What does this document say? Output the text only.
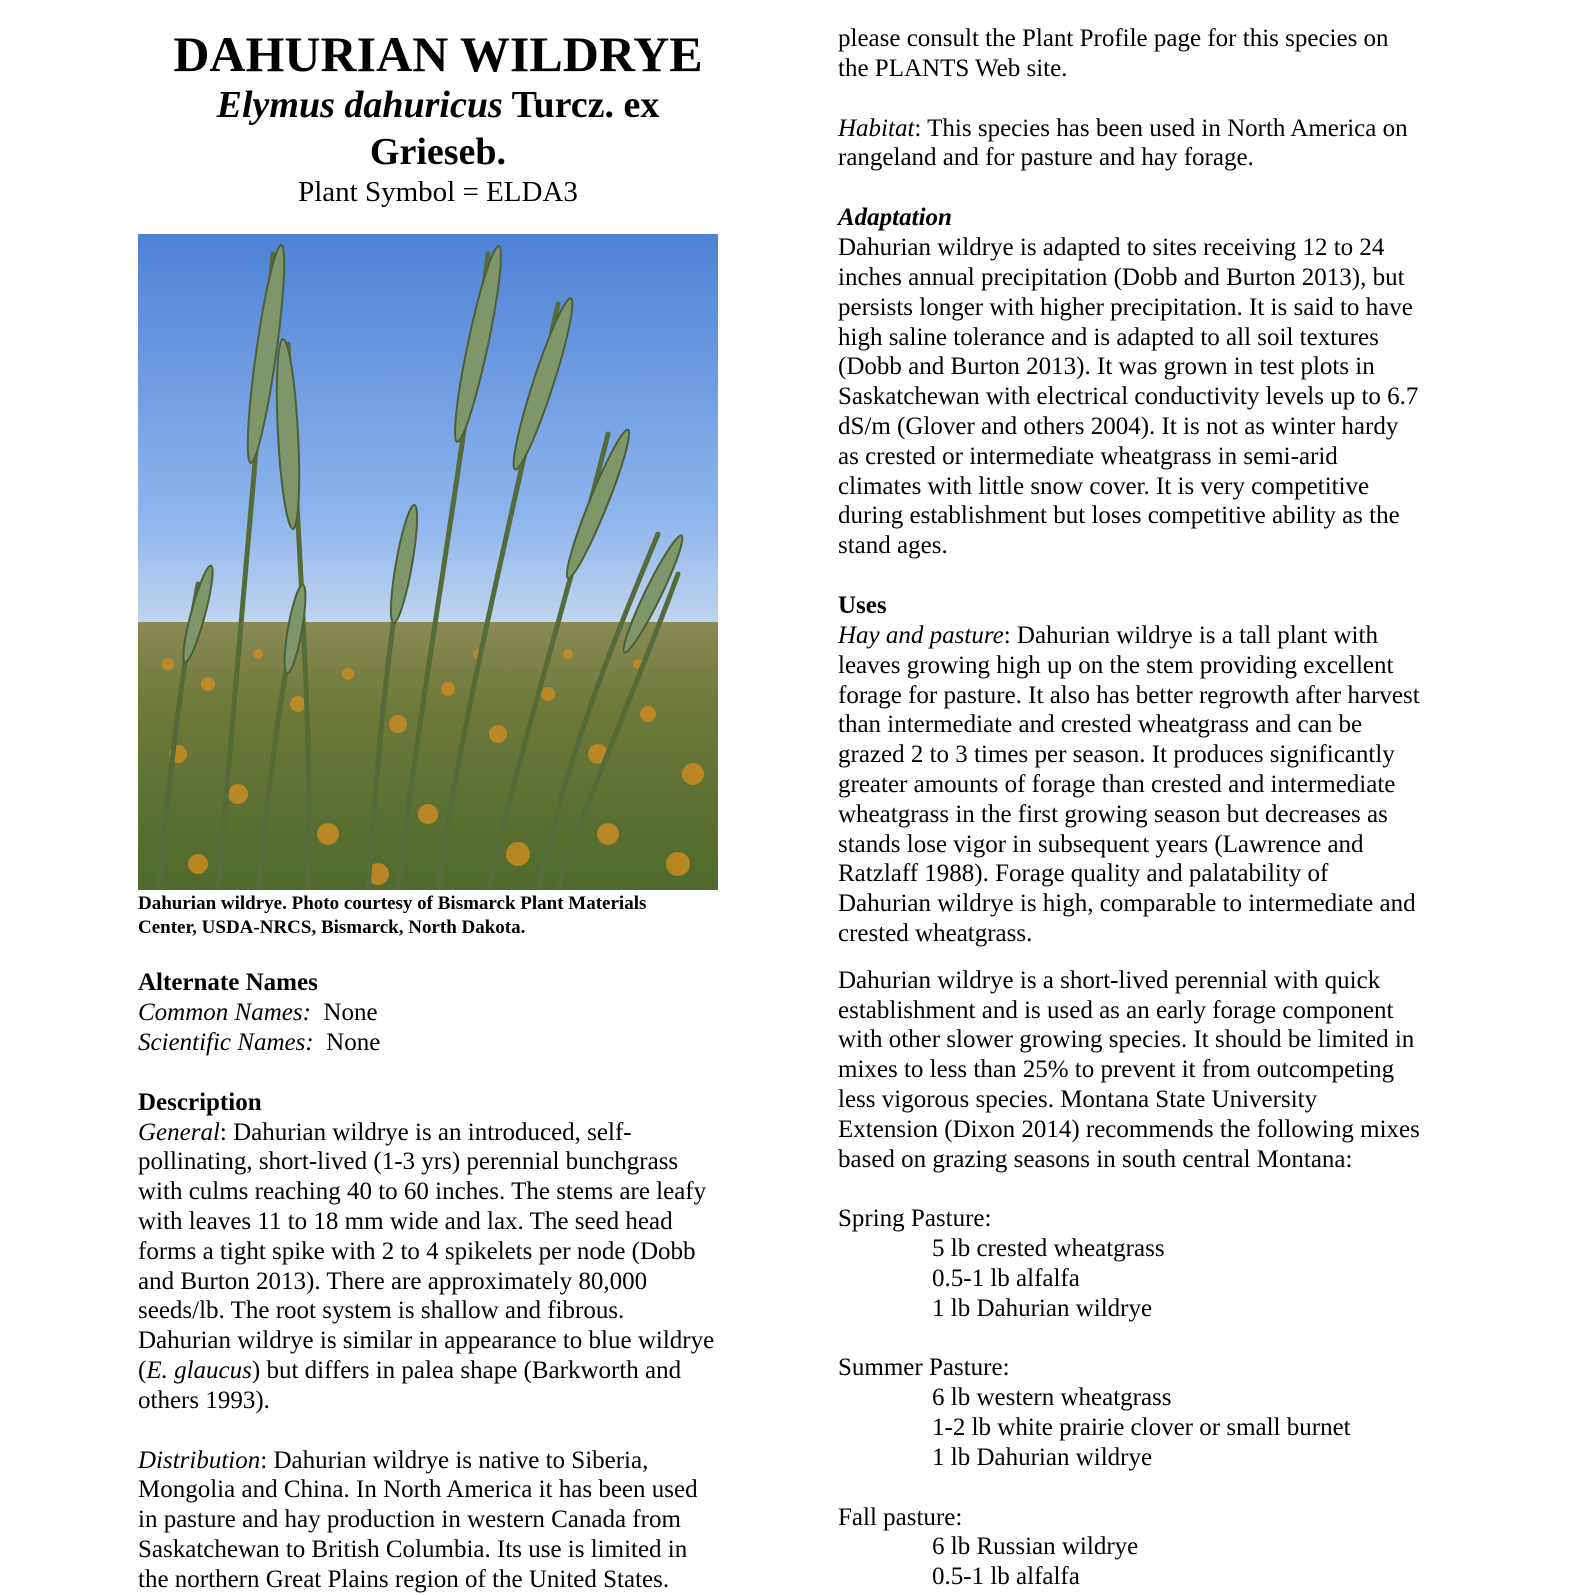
DAHURIAN WILDRYE
Elymus dahuricus Turcz. ex
Grieseb.
Plant Symbol = ELDA3
Dahurian wildrye. Photo courtesy of Bismarck Plant Materials
Center, USDA-NRCS, Bismarck, North Dakota.
Alternate Names
Common Names:  None
Scientific Names:  None
Description
General: Dahurian wildrye is an introduced, self-
pollinating, short-lived (1-3 yrs) perennial bunchgrass
with culms reaching 40 to 60 inches. The stems are leafy
with leaves 11 to 18 mm wide and lax. The seed head
forms a tight spike with 2 to 4 spikelets per node (Dobb
and Burton 2013). There are approximately 80,000
seeds/lb. The root system is shallow and fibrous.
Dahurian wildrye is similar in appearance to blue wildrye
(E. glaucus) but differs in palea shape (Barkworth and
others 1993).
Distribution: Dahurian wildrye is native to Siberia,
Mongolia and China. In North America it has been used
in pasture and hay production in western Canada from
Saskatchewan to British Columbia. Its use is limited in
the northern Great Plains region of the United States.
please consult the Plant Profile page for this species on
the PLANTS Web site.
Habitat: This species has been used in North America on
rangeland and for pasture and hay forage.
Adaptation
Dahurian wildrye is adapted to sites receiving 12 to 24
inches annual precipitation (Dobb and Burton 2013), but
persists longer with higher precipitation. It is said to have
high saline tolerance and is adapted to all soil textures
(Dobb and Burton 2013). It was grown in test plots in
Saskatchewan with electrical conductivity levels up to 6.7
dS/m (Glover and others 2004). It is not as winter hardy
as crested or intermediate wheatgrass in semi-arid
climates with little snow cover. It is very competitive
during establishment but loses competitive ability as the
stand ages.
Uses
Hay and pasture: Dahurian wildrye is a tall plant with
leaves growing high up on the stem providing excellent
forage for pasture. It also has better regrowth after harvest
than intermediate and crested wheatgrass and can be
grazed 2 to 3 times per season. It produces significantly
greater amounts of forage than crested and intermediate
wheatgrass in the first growing season but decreases as
stands lose vigor in subsequent years (Lawrence and
Ratzlaff 1988). Forage quality and palatability of
Dahurian wildrye is high, comparable to intermediate and
crested wheatgrass.
Dahurian wildrye is a short-lived perennial with quick
establishment and is used as an early forage component
with other slower growing species. It should be limited in
mixes to less than 25% to prevent it from outcompeting
less vigorous species. Montana State University
Extension (Dixon 2014) recommends the following mixes
based on grazing seasons in south central Montana:
Spring Pasture:
5 lb crested wheatgrass
0.5-1 lb alfalfa
1 lb Dahurian wildrye
Summer Pasture:
6 lb western wheatgrass
1-2 lb white prairie clover or small burnet
1 lb Dahurian wildrye
Fall pasture:
6 lb Russian wildrye
0.5-1 lb alfalfa
